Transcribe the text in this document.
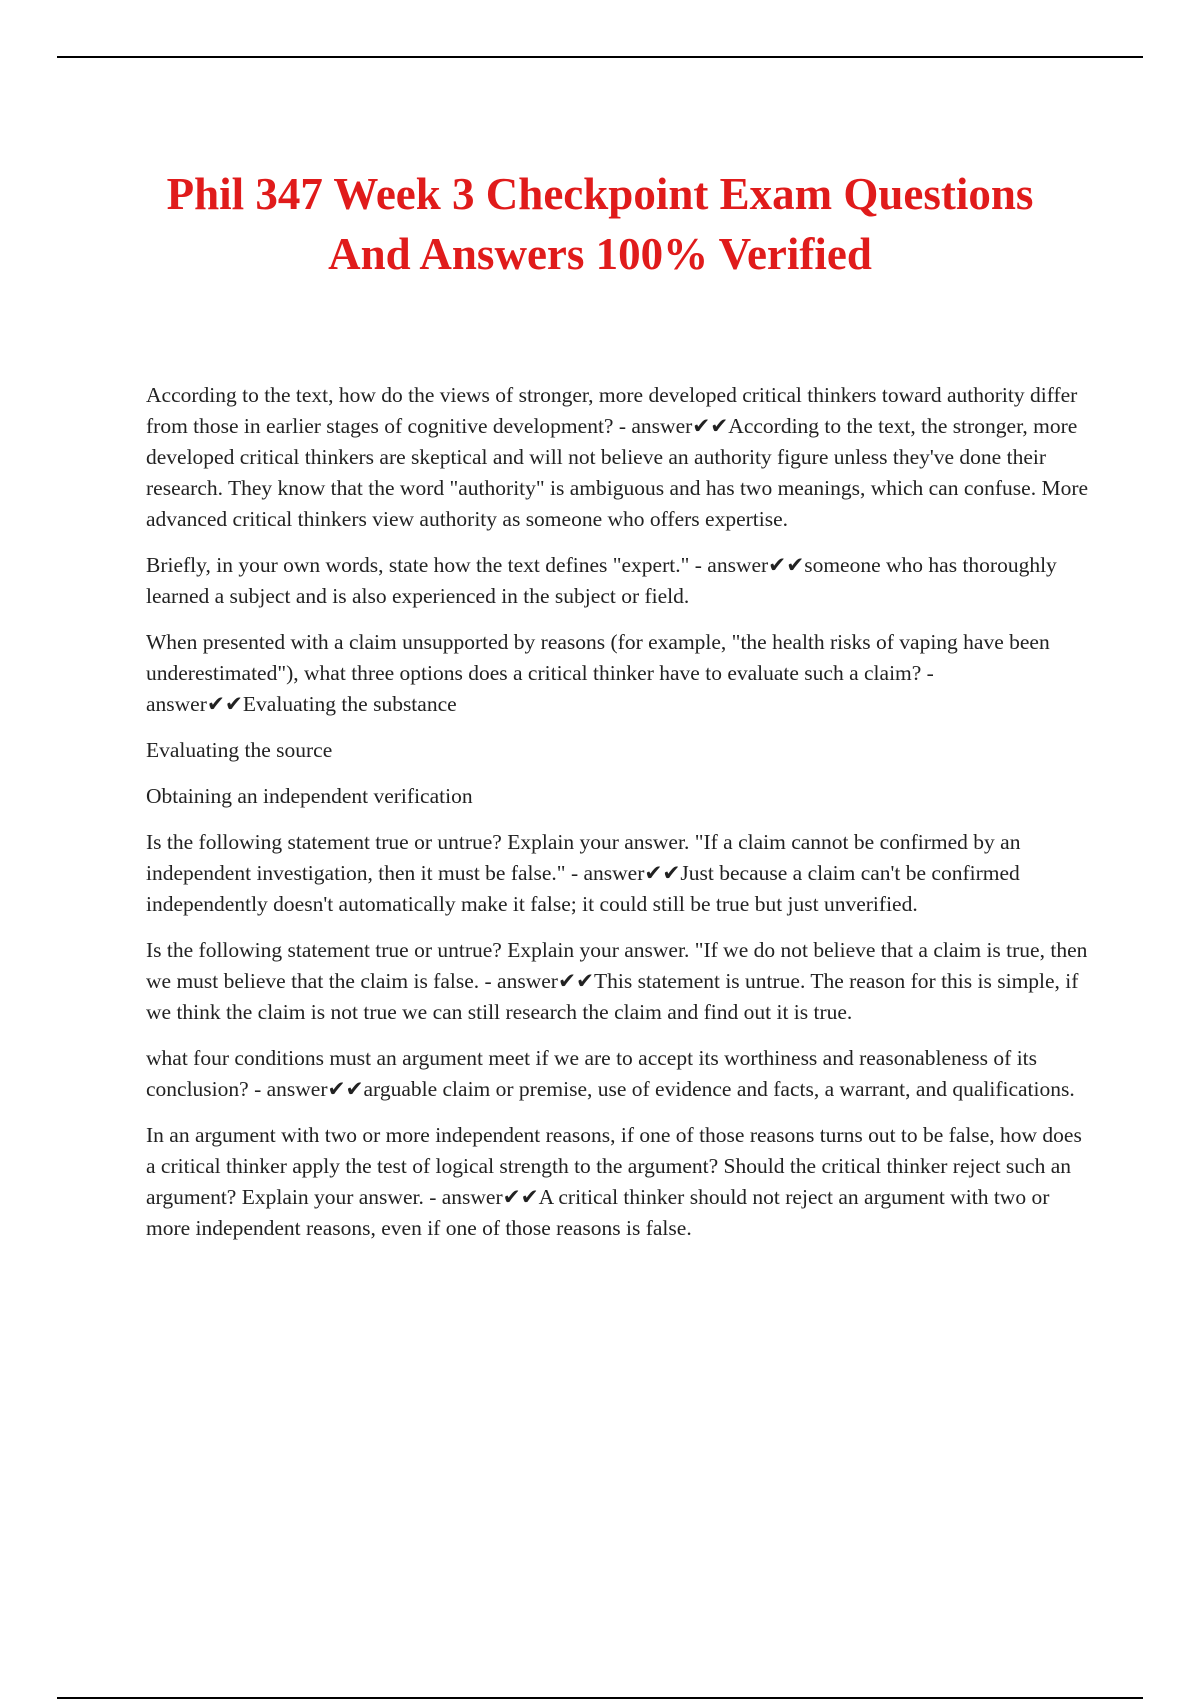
Phil 347 Week 3 Checkpoint Exam Questions
And Answers 100% Verified

According to the text, how do the views of stronger, more developed critical thinkers toward authority differ from those in earlier stages of cognitive development? - answer✔✔According to the text, the stronger, more developed critical thinkers are skeptical and will not believe an authority figure unless they've done their research. They know that the word "authority" is ambiguous and has two meanings, which can confuse. More advanced critical thinkers view authority as someone who offers expertise.

Briefly, in your own words, state how the text defines "expert." - answer✔✔someone who has thoroughly learned a subject and is also experienced in the subject or field.

When presented with a claim unsupported by reasons (for example, "the health risks of vaping have been underestimated"), what three options does a critical thinker have to evaluate such a claim? - answer✔✔Evaluating the substance

Evaluating the source

Obtaining an independent verification

Is the following statement true or untrue? Explain your answer. "If a claim cannot be confirmed by an independent investigation, then it must be false." - answer✔✔Just because a claim can't be confirmed independently doesn't automatically make it false; it could still be true but just unverified.

Is the following statement true or untrue? Explain your answer. "If we do not believe that a claim is true, then we must believe that the claim is false. - answer✔✔This statement is untrue. The reason for this is simple, if we think the claim is not true we can still research the claim and find out it is true.

what four conditions must an argument meet if we are to accept its worthiness and reasonableness of its conclusion? - answer✔✔arguable claim or premise, use of evidence and facts, a warrant, and qualifications.

In an argument with two or more independent reasons, if one of those reasons turns out to be false, how does a critical thinker apply the test of logical strength to the argument? Should the critical thinker reject such an argument? Explain your answer. - answer✔✔A critical thinker should not reject an argument with two or more independent reasons, even if one of those reasons is false.
